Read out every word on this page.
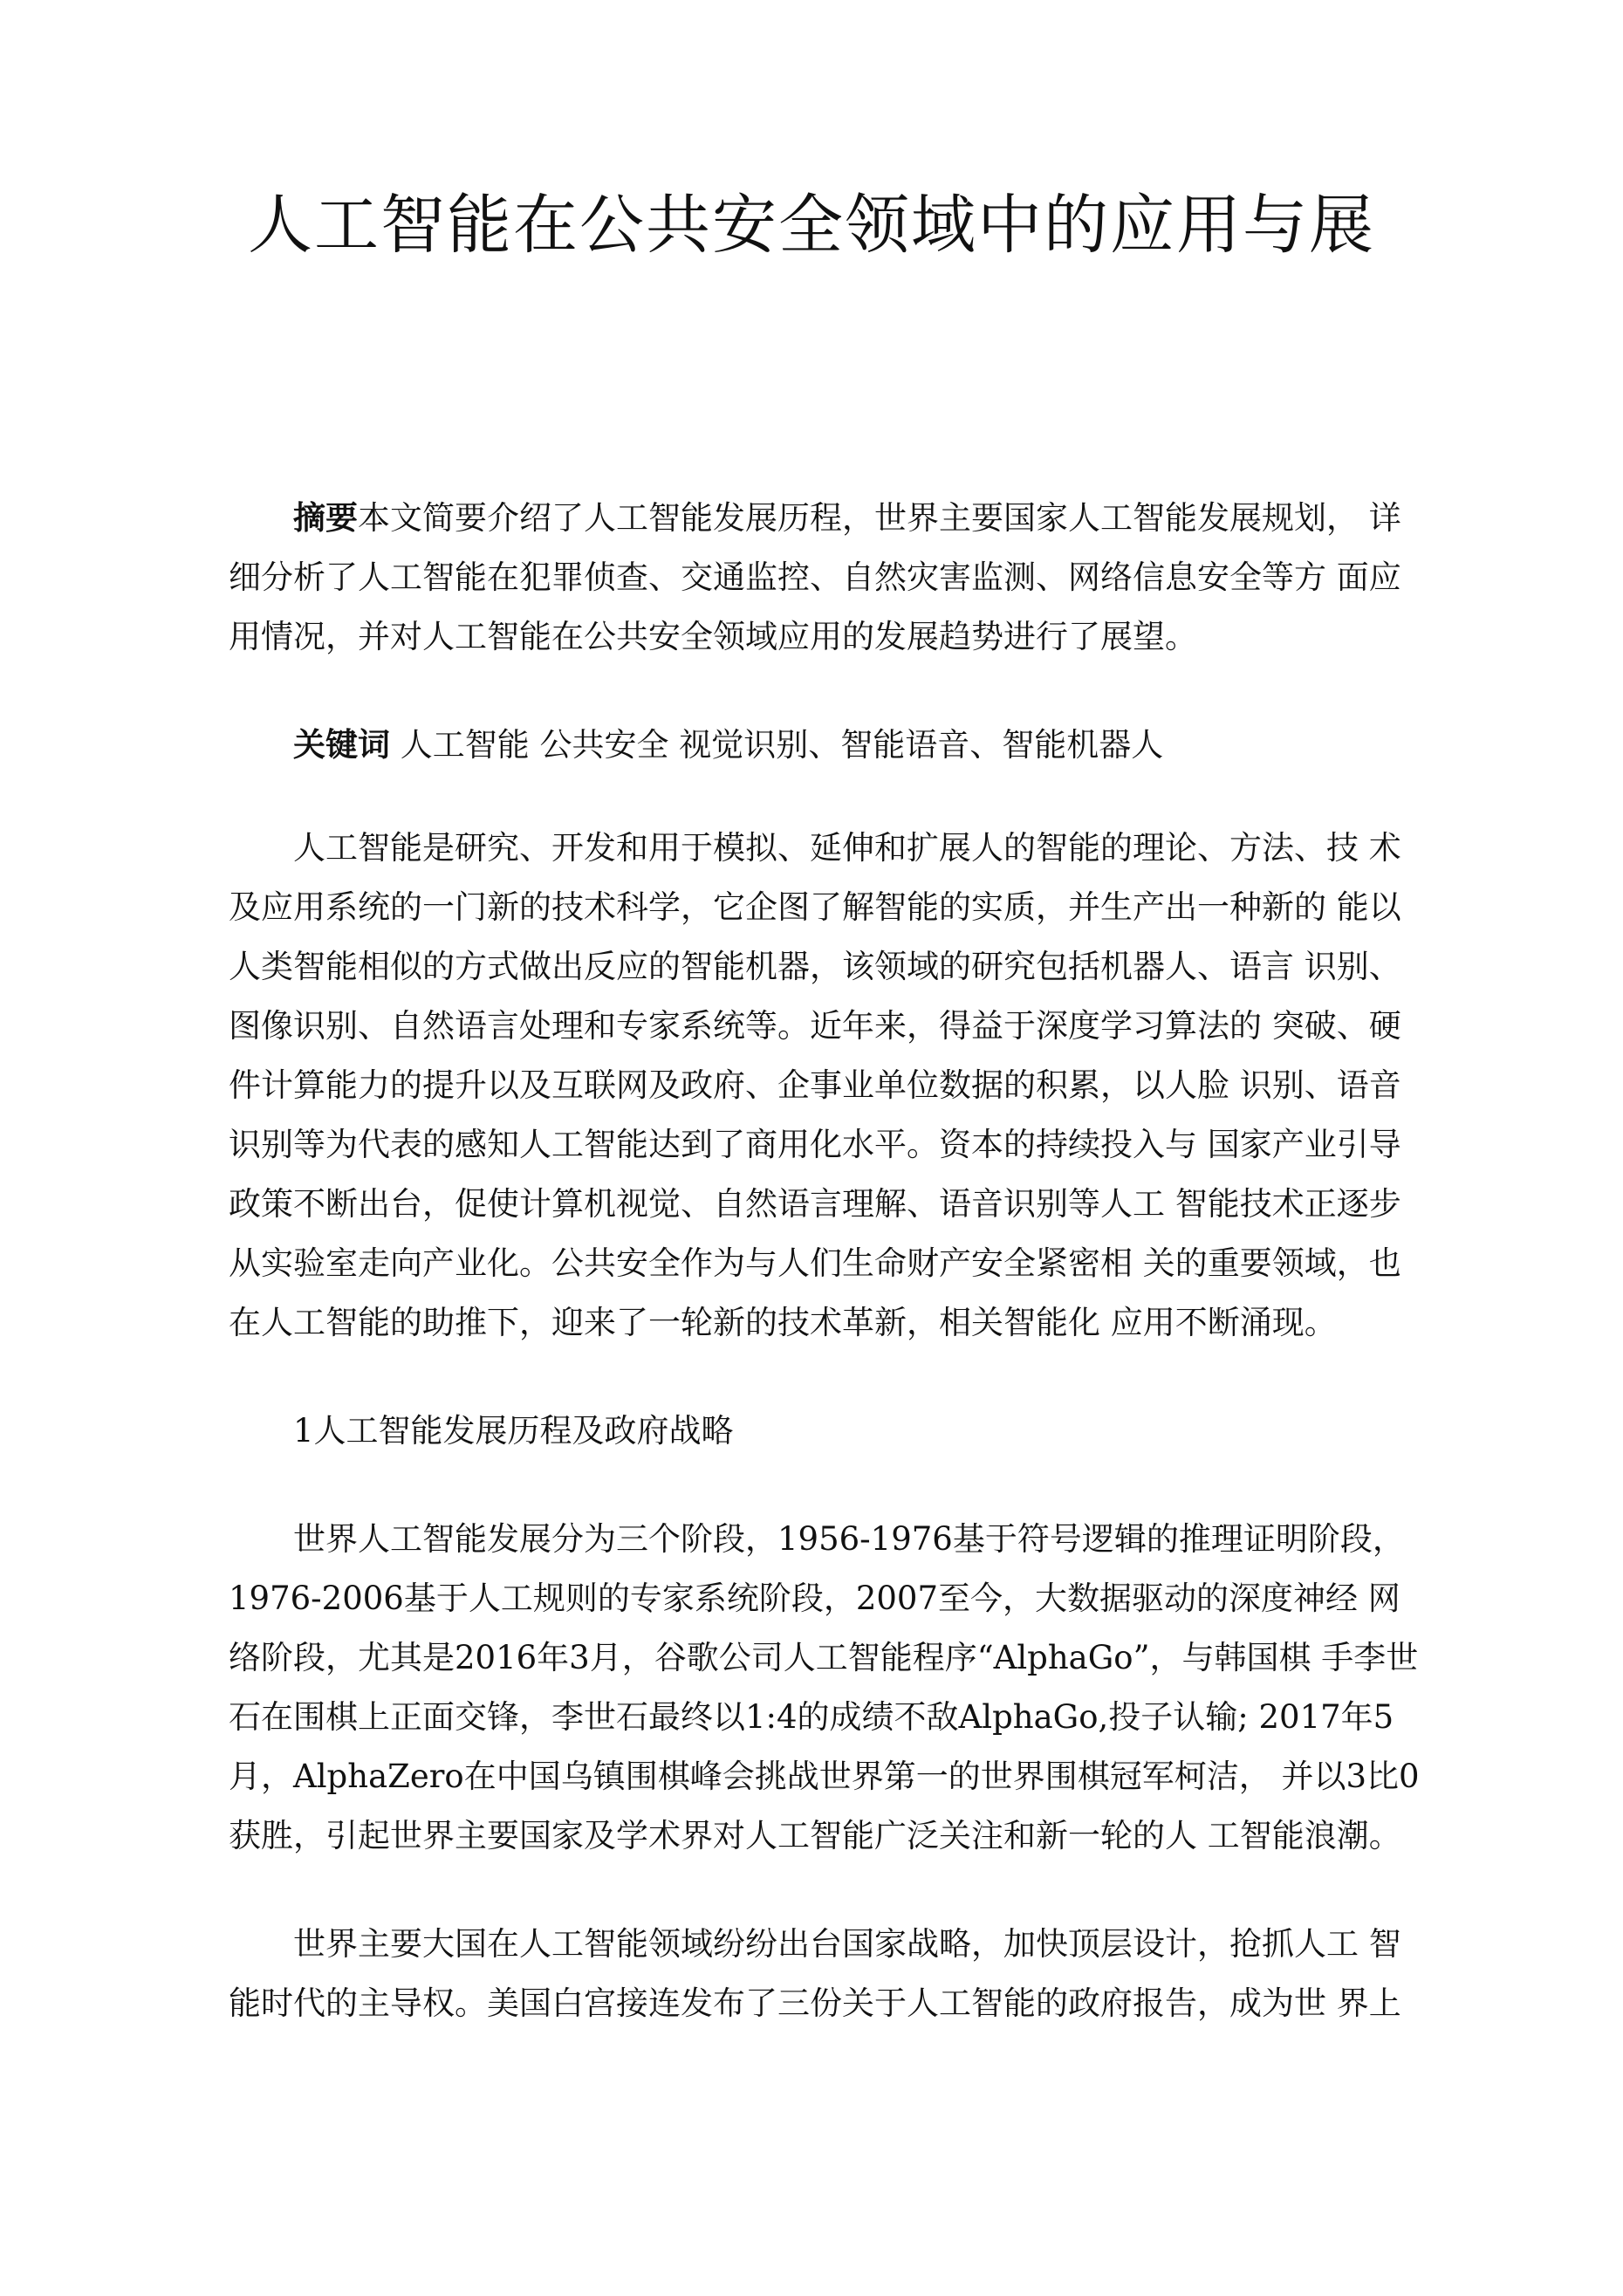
人工智能在公共安全领域中的应用与展

摘要本文简要介绍了人工智能发展历程，世界主要国家人工智能发展规划， 详细分析了人工智能在犯罪侦查、交通监控、自然灾害监测、网络信息安全等方 面应用情况，并对人工智能在公共安全领域应用的发展趋势进行了展望。

关键词 人工智能 公共安全 视觉识别、智能语音、智能机器人

人工智能是研究、开发和用于模拟、延伸和扩展人的智能的理论、方法、技 术及应用系统的一门新的技术科学，它企图了解智能的实质，并生产出一种新的 能以人类智能相似的方式做出反应的智能机器，该领域的研究包括机器人、语言 识别、图像识别、自然语言处理和专家系统等。近年来，得益于深度学习算法的 突破、硬件计算能力的提升以及互联网及政府、企事业单位数据的积累，以人脸 识别、语音识别等为代表的感知人工智能达到了商用化水平。资本的持续投入与 国家产业引导政策不断出台，促使计算机视觉、自然语言理解、语音识别等人工 智能技术正逐步从实验室走向产业化。公共安全作为与人们生命财产安全紧密相 关的重要领域，也在人工智能的助推下，迎来了一轮新的技术革新，相关智能化 应用不断涌现。

1人工智能发展历程及政府战略

世界人工智能发展分为三个阶段，1956-1976基于符号逻辑的推理证明阶段，1976-2006基于人工规则的专家系统阶段，2007至今，大数据驱动的深度神经 网络阶段，尤其是2016年3月，谷歌公司人工智能程序“AlphaGo”，与韩国棋 手李世石在围棋上正面交锋，李世石最终以1:4的成绩不敌AlphaGo,投子认输; 2017年5月，AlphaZero在中国乌镇围棋峰会挑战世界第一的世界围棋冠军柯洁， 并以3比0获胜，引起世界主要国家及学术界对人工智能广泛关注和新一轮的人 工智能浪潮。

世界主要大国在人工智能领域纷纷出台国家战略，加快顶层设计，抢抓人工 智能时代的主导权。美国白宫接连发布了三份关于人工智能的政府报告，成为世 界上
